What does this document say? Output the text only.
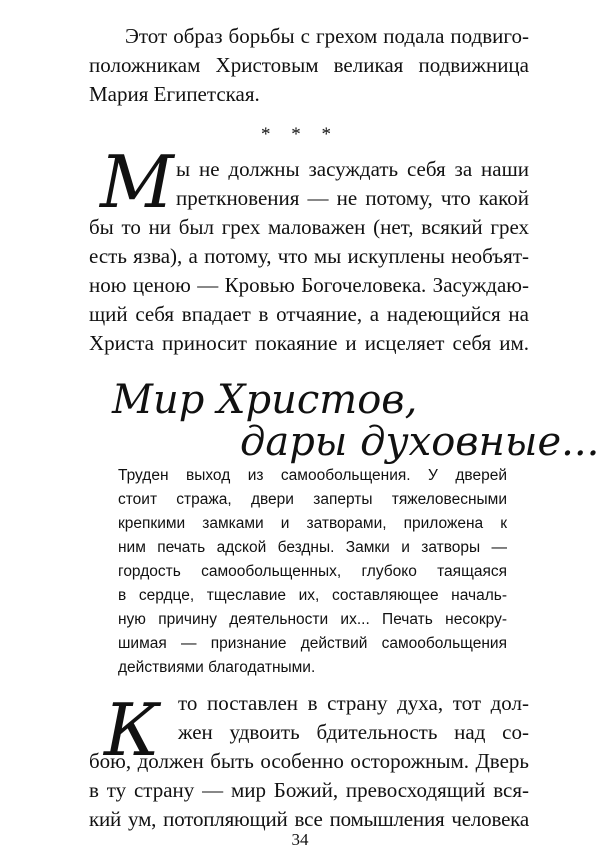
Этот образ борьбы с грехом подала подвиго-
положникам Христовым великая подвижница
Мария Египетская.
* * *
М ы не должны засуждать себя за наши
преткновения — не потому, что какой
бы то ни был грех маловажен (нет, всякий грех
есть язва), а потому, что мы искуплены необъят-
ною ценою — Кровью Богочеловека. Засуждаю-
щий себя впадает в отчаяние, а надеющийся на
Христа приносит покаяние и исцеляет себя им.
Мир Христов,
дары духовные...
Труден выход из самообольщения. У дверей
стоит стража, двери заперты тяжеловесными
крепкими замками и затворами, приложена к
ним печать адской бездны. Замки и затворы —
гордость самообольщенных, глубоко таящаяся
в сердце, тщеславие их, составляющее началь-
ную причину деятельности их... Печать несокру-
шимая — признание действий самообольщения
действиями благодатными.
К то поставлен в страну духа, тот дол-
жен удвоить бдительность над со-
бою, должен быть особенно осторожным. Дверь
в ту страну — мир Божий, превосходящий вся-
кий ум, потопляющий все помышления человека
34
